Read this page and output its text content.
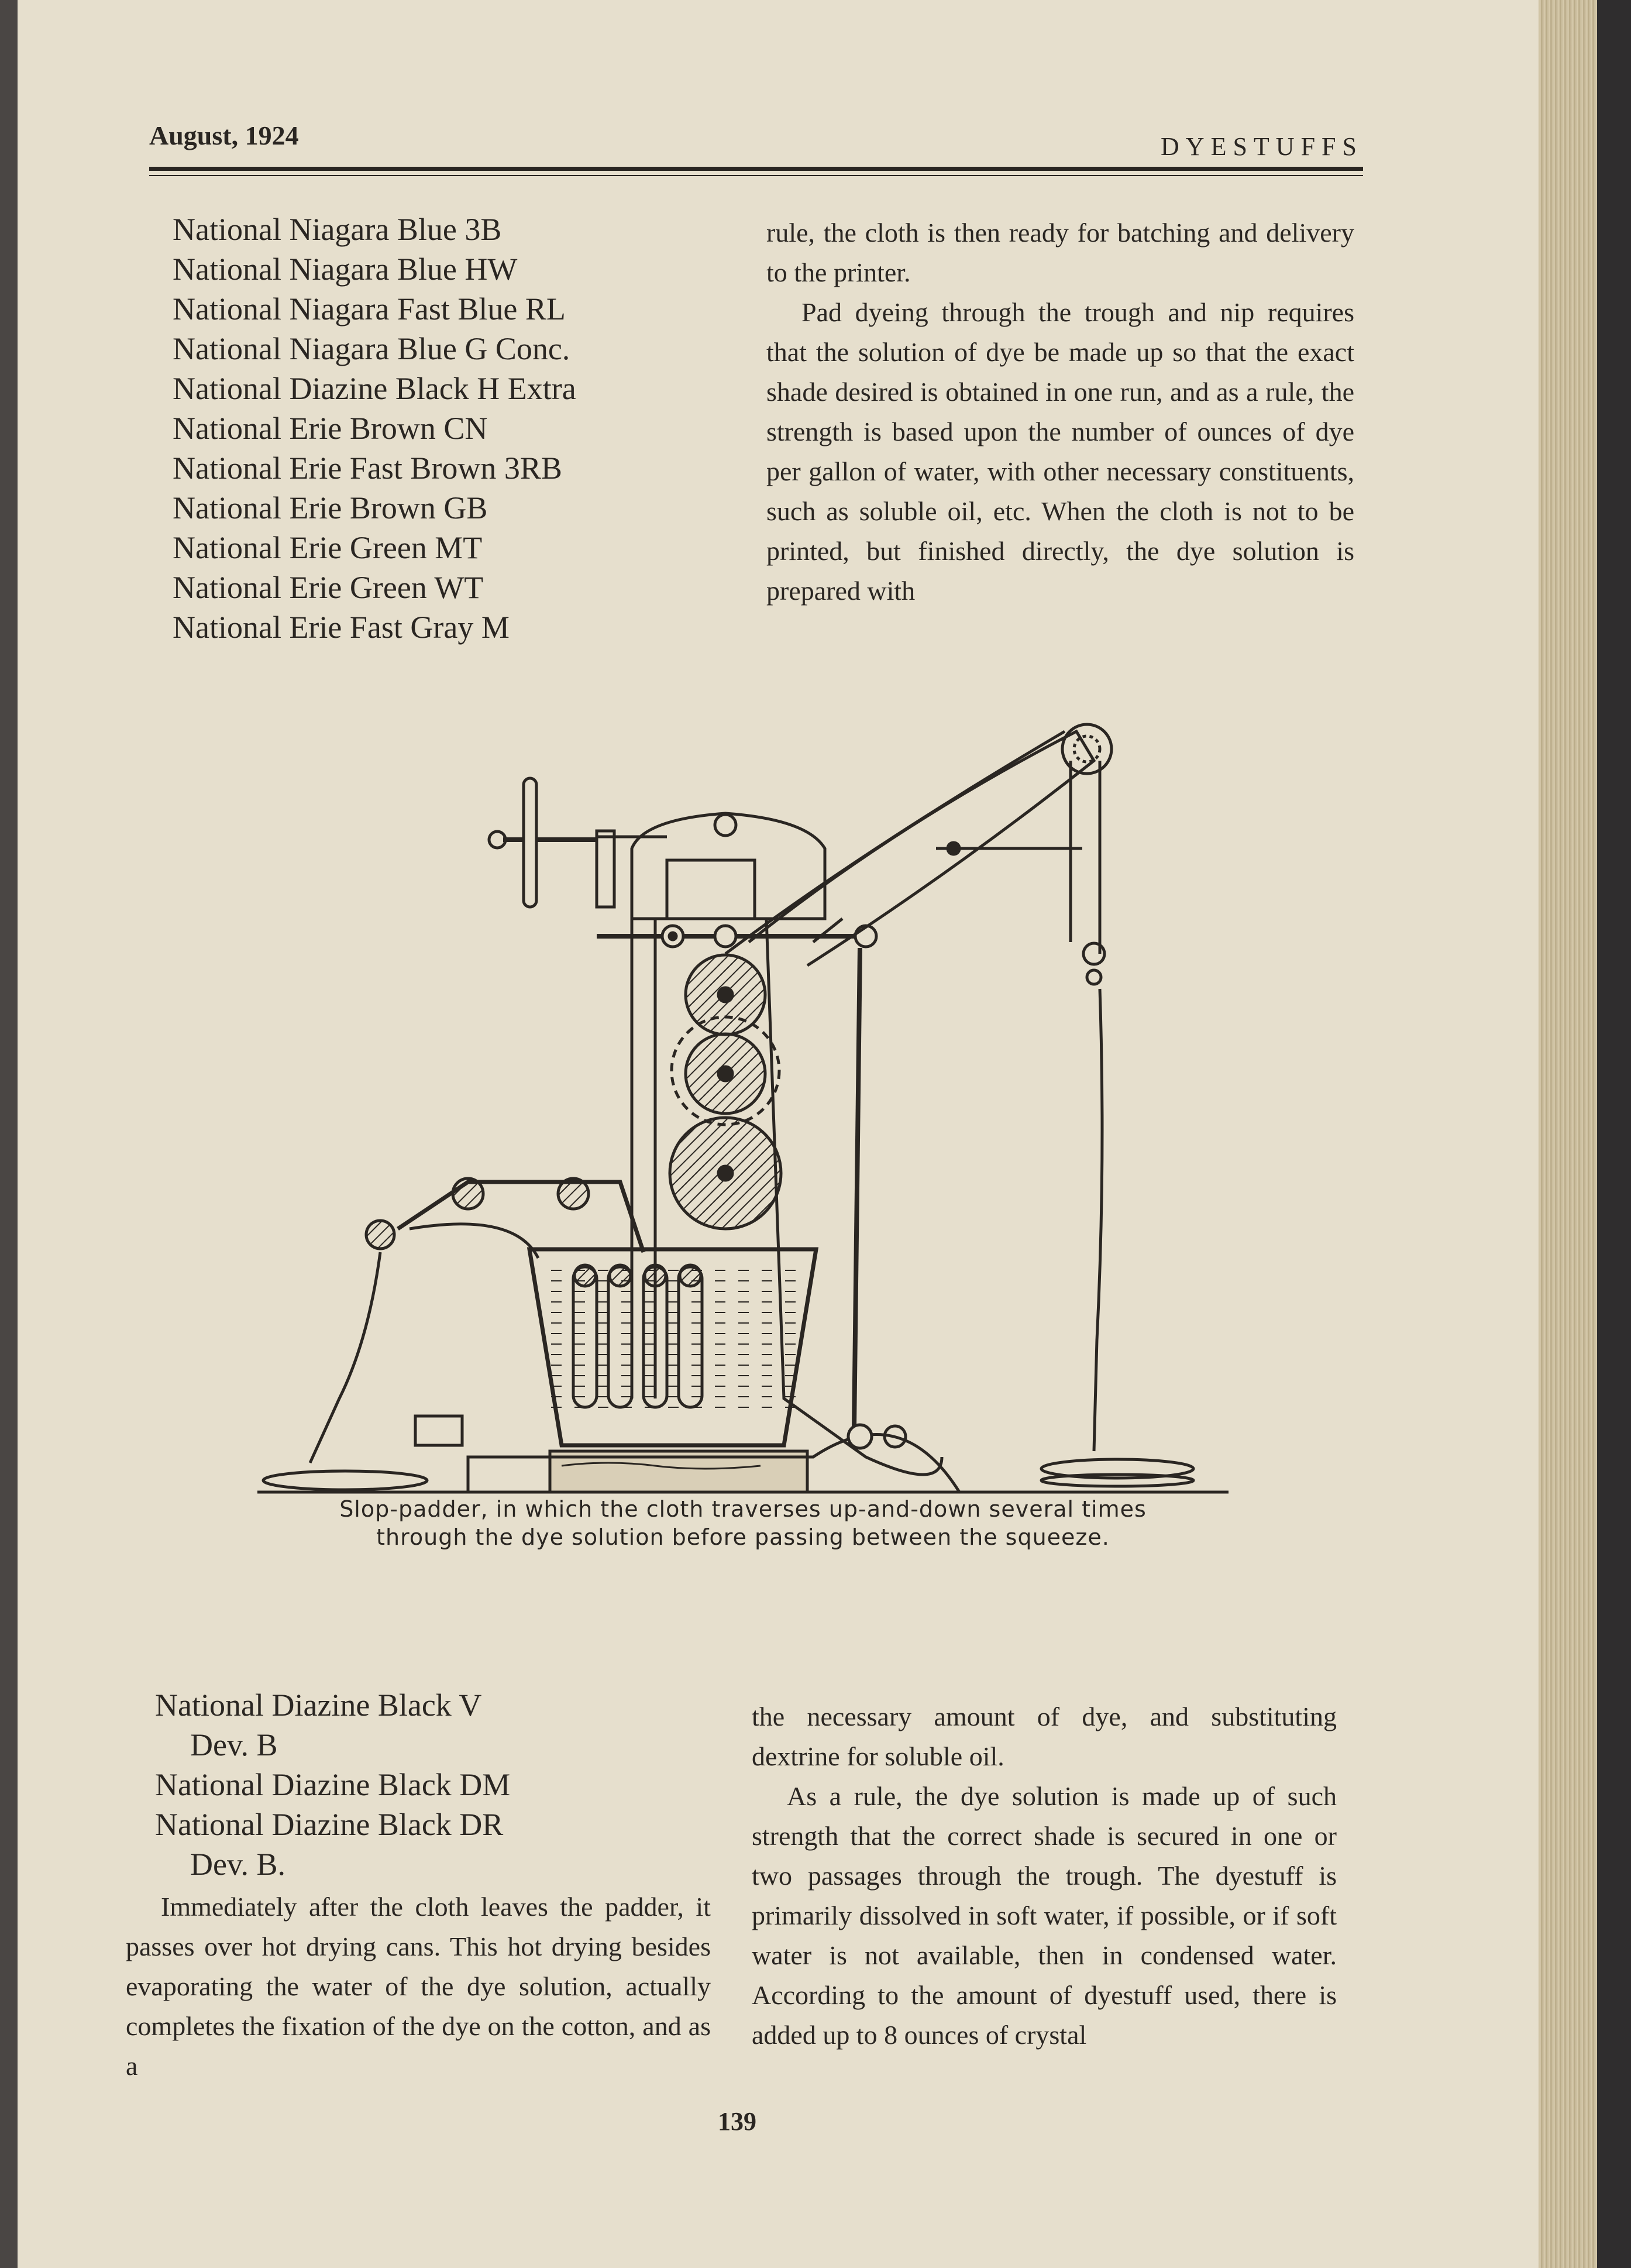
August, 1924	DYESTUFFS
National Niagara Blue 3B
National Niagara Blue HW
National Niagara Fast Blue RL
National Niagara Blue G Conc.
National Diazine Black H Extra
National Erie Brown CN
National Erie Fast Brown 3RB
National Erie Brown GB
National Erie Green MT
National Erie Green WT
National Erie Fast Gray M

rule, the cloth is then ready for batching and delivery to the printer.

Pad dyeing through the trough and nip requires that the solution of dye be made up so that the exact shade desired is obtained in one run, and as a rule, the strength is based upon the number of ounces of dye per gallon of water, with other necessary constituents, such as soluble oil, etc. When the cloth is not to be printed, but finished directly, the dye solution is prepared with

Slop-padder, in which the cloth traverses up-and-down several times through the dye solution before passing between the squeeze.
National Diazine Black V
Dev. B
National Diazine Black DM
National Diazine Black DR
Dev. B.

Immediately after the cloth leaves the padder, it passes over hot drying cans. This hot drying besides evaporating the water of the dye solution, actually completes the fixation of the dye on the cotton, and as a

the necessary amount of dye, and substituting dextrine for soluble oil.

As a rule, the dye solution is made up of such strength that the correct shade is secured in one or two passages through the trough. The dyestuff is primarily dissolved in soft water, if possible, or if soft water is not available, then in condensed water. According to the amount of dyestuff used, there is added up to 8 ounces of crystal

139
